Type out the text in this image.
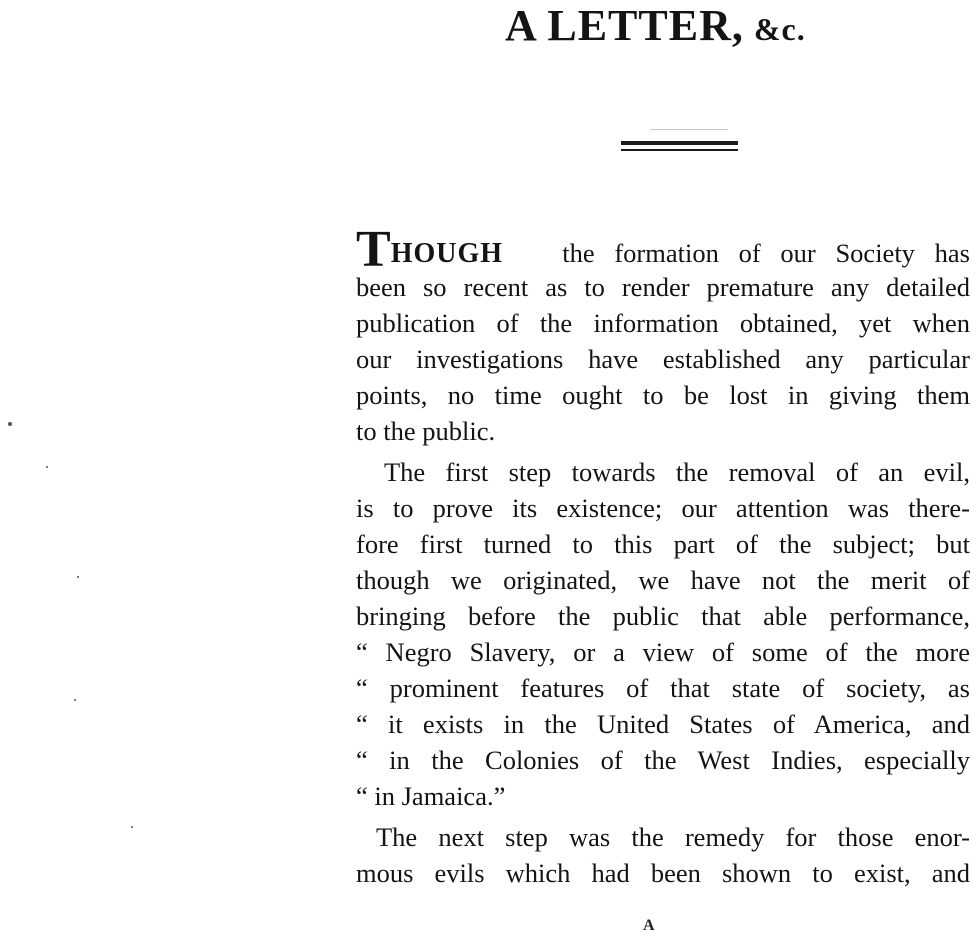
A LETTER, &c.
THOUGH the formation of our Society has
been so recent as to render premature any detailed
publication of the information obtained, yet when
our investigations have established any particular
points, no time ought to be lost in giving them
to the public.
The first step towards the removal of an evil,
is to prove its existence; our attention was there-
fore first turned to this part of the subject; but
though we originated, we have not the merit of
bringing before the public that able performance,
“ Negro Slavery, or a view of some of the more
“ prominent features of that state of society, as
“ it exists in the United States of America, and
“ in the Colonies of the West Indies, especially
“ in Jamaica.”
The next step was the remedy for those enor-
mous evils which had been shown to exist, and
A
